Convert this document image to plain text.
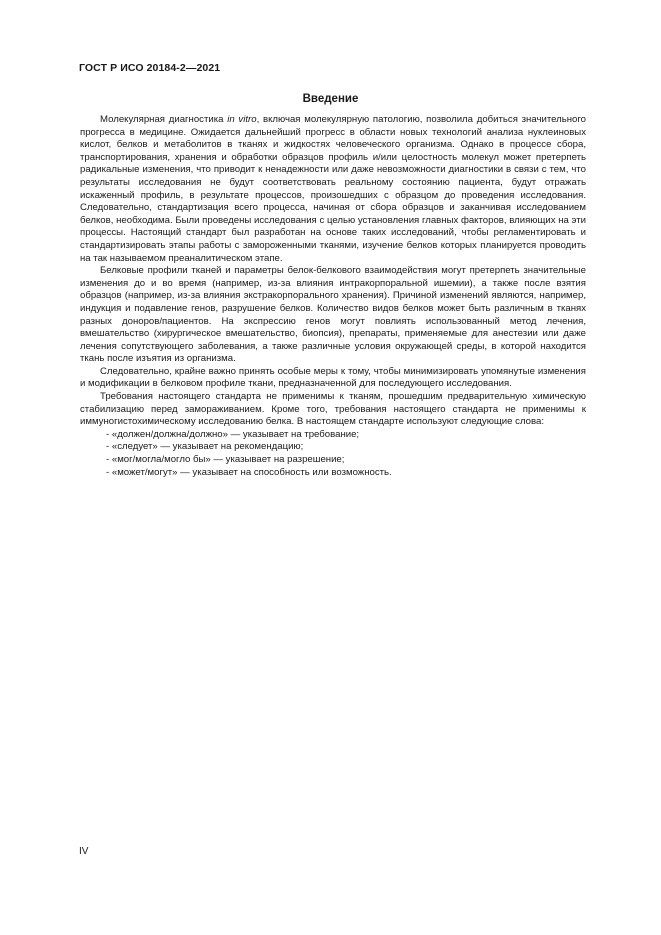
ГОСТ Р ИСО 20184-2—2021
Введение

Молекулярная диагностика in vitro, включая молекулярную патологию, позволила добиться значительного прогресса в медицине. Ожидается дальнейший прогресс в области новых технологий анализа нуклеиновых кислот, белков и метаболитов в тканях и жидкостях человеческого организма. Однако в процессе сбора, транспортирования, хранения и обработки образцов профиль и/или целостность молекул может претерпеть радикальные изменения, что приводит к ненадежности или даже невозможности диагностики в связи с тем, что результаты исследования не будут соответствовать реальному состоянию пациента, будут отражать искаженный профиль, в результате процессов, произошедших с образцом до проведения исследования. Следовательно, стандартизация всего процесса, начиная от сбора образцов и заканчивая исследованием белков, необходима. Были проведены исследования с целью установления главных факторов, влияющих на эти процессы. Настоящий стандарт был разработан на основе таких исследований, чтобы регламентировать и стандартизировать этапы работы с замороженными тканями, изучение белков которых планируется проводить на так называемом преаналитическом этапе.

Белковые профили тканей и параметры белок-белкового взаимодействия могут претерпеть значительные изменения до и во время (например, из-за влияния интракорпоральной ишемии), а также после взятия образцов (например, из-за влияния экстракорпорального хранения). Причиной изменений являются, например, индукция и подавление генов, разрушение белков. Количество видов белков может быть различным в тканях разных доноров/пациентов. На экспрессию генов могут повлиять использованный метод лечения, вмешательство (хирургическое вмешательство, биопсия), препараты, применяемые для анестезии или даже лечения сопутствующего заболевания, а также различные условия окружающей среды, в которой находится ткань после изъятия из организма.

Следовательно, крайне важно принять особые меры к тому, чтобы минимизировать упомянутые изменения и модификации в белковом профиле ткани, предназначенной для последующего исследования.

Требования настоящего стандарта не применимы к тканям, прошедшим предварительную химическую стабилизацию перед замораживанием. Кроме того, требования настоящего стандарта не применимы к иммуногистохимическому исследованию белка. В настоящем стандарте используют следующие слова:

- «должен/должна/должно» — указывает на требование;
- «следует» — указывает на рекомендацию;
- «мог/могла/могло бы» — указывает на разрешение;
- «может/могут» — указывает на способность или возможность.
IV
